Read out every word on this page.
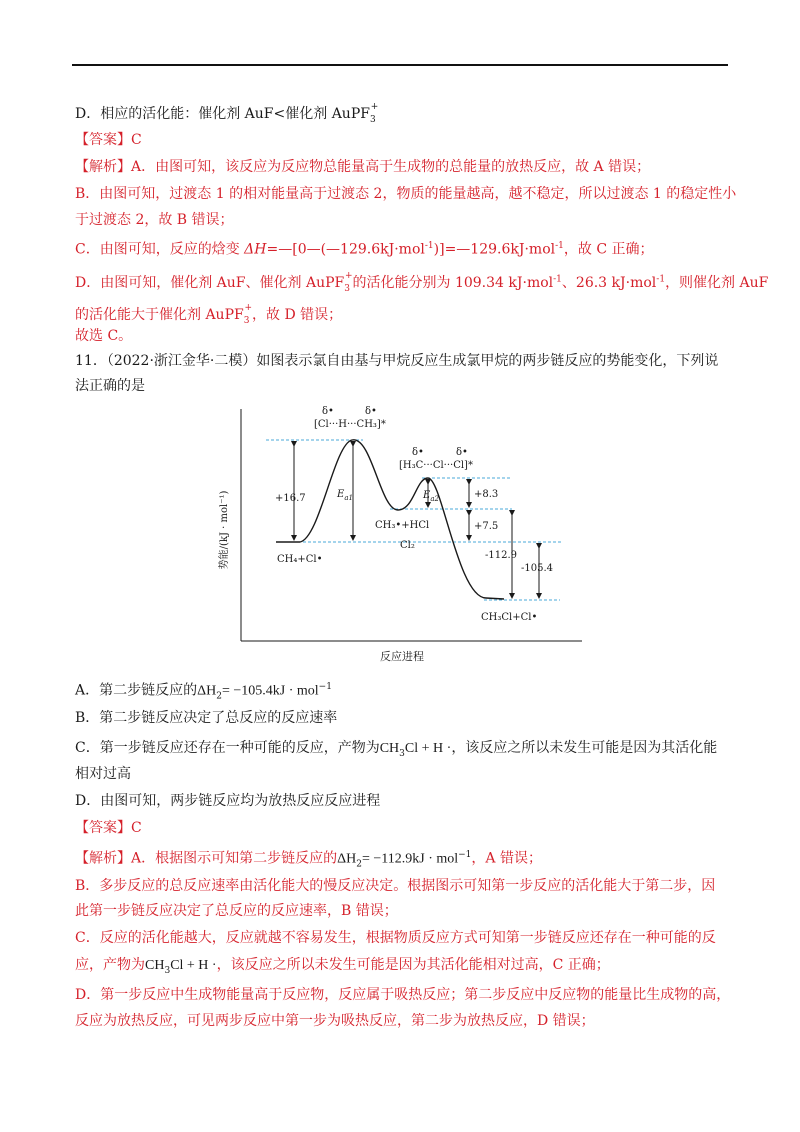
D．相应的活化能：催化剂 AuF<催化剂 AuPF$_3$+
【答案】C
【解析】A．由图可知，该反应为反应物总能量高于生成物的总能量的放热反应，故 A 错误；
B．由图可知，过渡态 1 的相对能量高于过渡态 2，物质的能量越高，越不稳定，所以过渡态 1 的稳定性小
于过渡态 2，故 B 错误；
C．由图可知，反应的焓变 ΔH=—[0—(—129.6kJ·mol$^{-1}$)]=—129.6kJ·mol$^{-1}$，故 C 正确；
D．由图可知，催化剂 AuF、催化剂 AuPF$_3$+的活化能分别为 109.34 kJ·mol$^{-1}$、26.3 kJ·mol$^{-1}$，则催化剂 AuF
的活化能大于催化剂 AuPF$_3$+，故 D 错误；
故选 C。
11．（2022·浙江金华·二模）如图表示氯自由基与甲烷反应生成氯甲烷的两步链反应的势能变化，下列说
法正确的是
势能/(kJ · mol⁻¹)
反应进程
δ•	δ•
[Cl···H···CH₃]*
δ•	δ•
[H₃C···Cl···Cl]*
+16.7	$E_{a1}$	$E_{a2}$	+8.3
+7.5
-112.9
-105.4
CH₃•+HCl
Cl₂
CH₄+Cl•
CH₃Cl+Cl•
A．第二步链反应的$\Delta H_2= -105.4kJ \cdot mol^{-1}$
B．第二步链反应决定了总反应的反应速率
C．第一步链反应还存在一种可能的反应，产物为$CH_3Cl + H$ ·，该反应之所以未发生可能是因为其活化能
相对过高
D．由图可知，两步链反应均为放热反应反应进程
【答案】C
【解析】A．根据图示可知第二步链反应的$\Delta H_2= -112.9kJ \cdot mol^{-1}$，A 错误；
B．多步反应的总反应速率由活化能大的慢反应决定。根据图示可知第一步反应的活化能大于第二步，因
此第一步链反应决定了总反应的反应速率，B 错误；
C．反应的活化能越大，反应就越不容易发生，根据物质反应方式可知第一步链反应还存在一种可能的反
应，产物为$CH_3Cl + H$ ·，该反应之所以未发生可能是因为其活化能相对过高，C 正确；
D．第一步反应中生成物能量高于反应物，反应属于吸热反应；第二步反应中反应物的能量比生成物的高，
反应为放热反应，可见两步反应中第一步为吸热反应，第二步为放热反应，D 错误；
